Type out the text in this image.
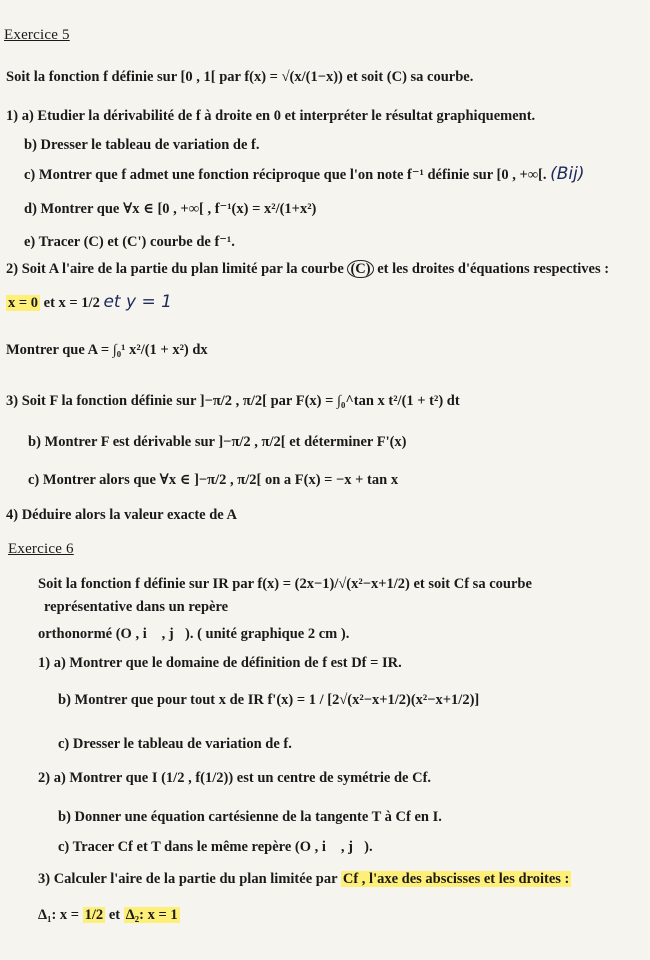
Exercice 5
Soit la fonction f définie sur [0 , 1[ par f(x) = √(x/(1−x)) et soit (C) sa courbe.
1) a) Etudier la dérivabilité de f à droite en 0 et interpréter le résultat graphiquement.
b) Dresser le tableau de variation de f.
c) Montrer que f admet une fonction réciproque que l'on note f⁻¹ définie sur [0 , +∞[. (Bij)
d) Montrer que ∀x ∈ [0 , +∞[ , f⁻¹(x) = x²/(1+x²)
e) Tracer (C) et (C') courbe de f⁻¹.
2) Soit A l'aire de la partie du plan limité par la courbe (C) et les droites d'équations respectives :
x = 0 et x = 1/2 et y = 1
Montrer que A = ∫₀¹ x²/(1 + x²) dx
3) Soit F la fonction définie sur ]−π/2 , π/2[ par F(x) = ∫₀^tan x t²/(1 + t²) dt
b) Montrer F est dérivable sur ]−π/2 , π/2[ et déterminer F'(x)
c) Montrer alors que ∀x ∈ ]−π/2 , π/2[ on a F(x) = −x + tan x
4) Déduire alors la valeur exacte de A
Exercice 6
Soit la fonction f définie sur IR par f(x) = (2x−1)/√(x²−x+1/2) et soit Cf sa courbe
représentative dans un repère
orthonormé (O , i⃗ , j⃗). ( unité graphique 2 cm ).
1) a) Montrer que le domaine de définition de f est Df = IR.
b) Montrer que pour tout x de IR f'(x) = 1 / [2√(x²−x+1/2)(x²−x+1/2)]
c) Dresser le tableau de variation de f.
2) a) Montrer que I (1/2 , f(1/2)) est un centre de symétrie de Cf.
b) Donner une équation cartésienne de la tangente T à Cf en I.
c) Tracer Cf et T dans le même repère (O , i⃗ , j⃗).
3) Calculer l'aire de la partie du plan limitée par Cf , l'axe des abscisses et les droites :
Δ₁: x = 1/2 et Δ₂: x = 1
